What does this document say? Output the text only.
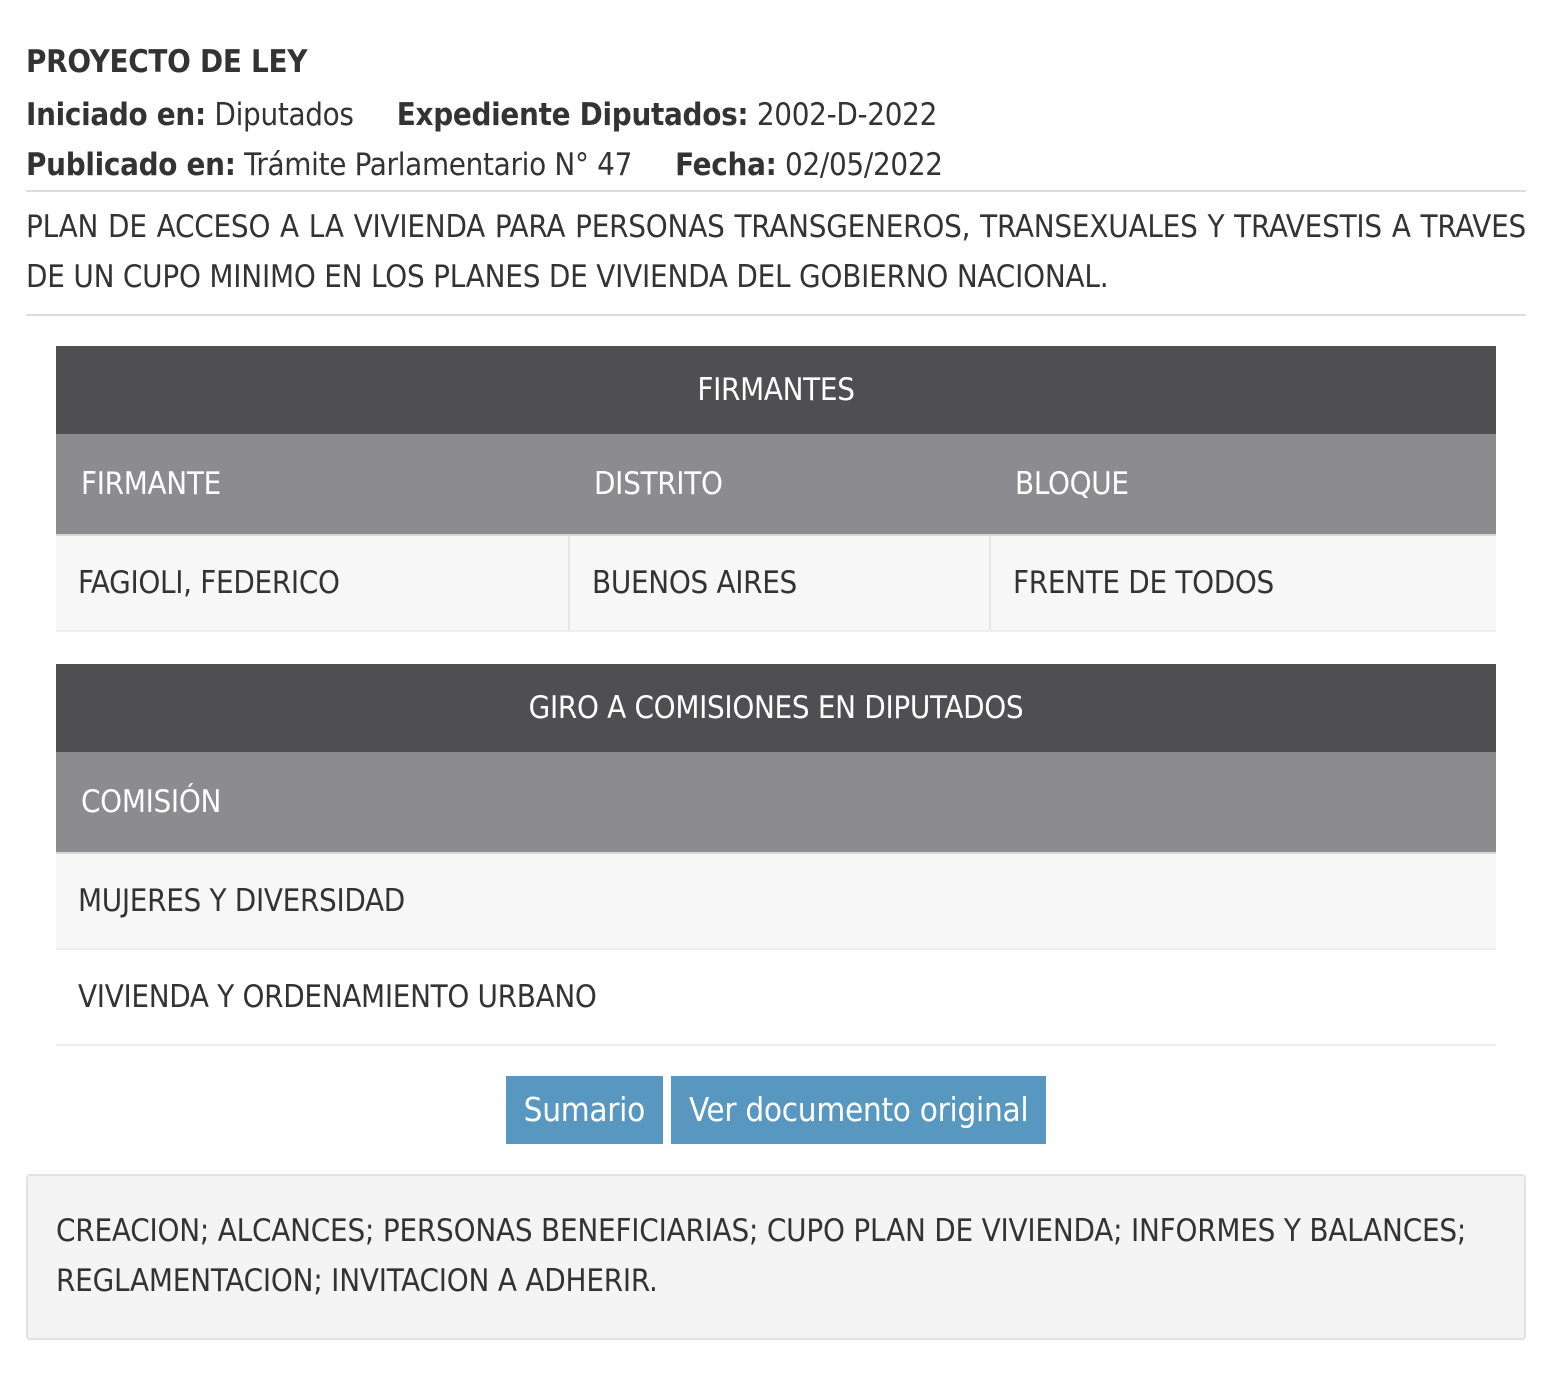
PROYECTO DE LEY
Iniciado en: Diputados Expediente Diputados: 2002-D-2022
Publicado en: Trámite Parlamentario N° 47 Fecha: 02/05/2022
PLAN DE ACCESO A LA VIVIENDA PARA PERSONAS TRANSGENEROS, TRANSEXUALES Y TRAVESTIS A TRAVES DE UN CUPO MINIMO EN LOS PLANES DE VIVIENDA DEL GOBIERNO NACIONAL.
FIRMANTES		
FIRMANTE	DISTRITO	BLOQUE
FAGIOLI, FEDERICO	BUENOS AIRES	FRENTE DE TODOS
GIRO A COMISIONES EN DIPUTADOS
COMISIÓN
MUJERES Y DIVERSIDAD
VIVIENDA Y ORDENAMIENTO URBANO
Sumario Ver documento original
CREACION; ALCANCES; PERSONAS BENEFICIARIAS; CUPO PLAN DE VIVIENDA; INFORMES Y BALANCES; REGLAMENTACION; INVITACION A ADHERIR.
